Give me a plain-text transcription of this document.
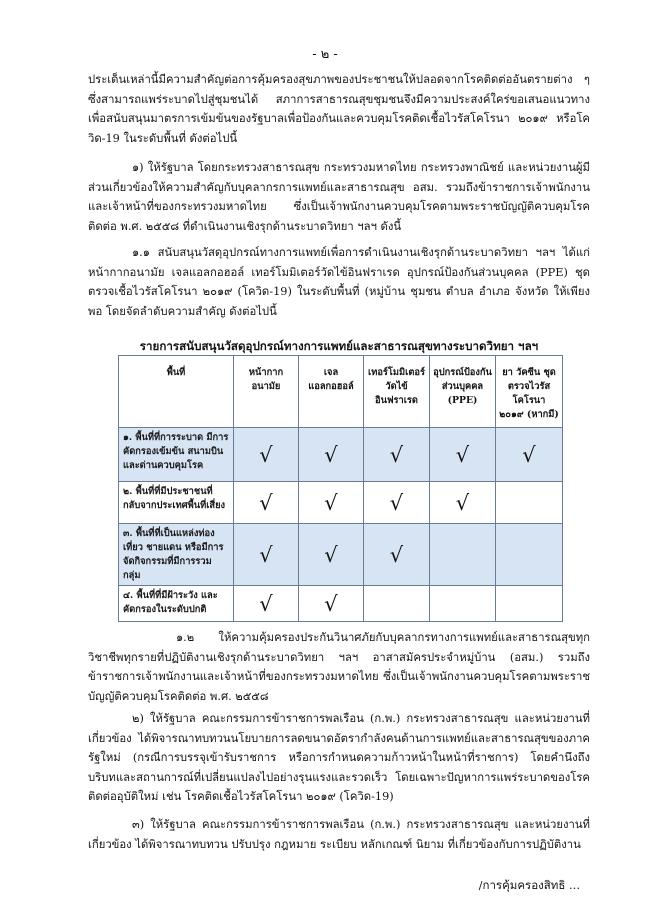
- ๒ -

ประเด็นเหล่านี้มีความสำคัญต่อการคุ้มครองสุขภาพของประชาชนให้ปลอดจากโรคติดต่ออันตรายต่าง ๆ ซึ่งสามารถแพร่ระบาดไปสู่ชุมชนได้ สภาการสาธารณสุขชุมชนจึงมีความประสงค์ใคร่ขอเสนอแนวทางเพื่อสนับสนุนมาตรการเข้มข้นของรัฐบาลเพื่อป้องกันและควบคุมโรคติดเชื้อไวรัสโคโรนา ๒๐๑๙ หรือโควิด-19 ในระดับพื้นที่ ดังต่อไปนี้

๑) ให้รัฐบาล โดยกระทรวงสาธารณสุข กระทรวงมหาดไทย กระทรวงพาณิชย์ และหน่วยงานผู้มีส่วนเกี่ยวข้องให้ความสำคัญกับบุคลากรการแพทย์และสาธารณสุข อสม. รวมถึงข้าราชการเจ้าพนักงานและเจ้าหน้าที่ของกระทรวงมหาดไทย ซึ่งเป็นเจ้าพนักงานควบคุมโรคตามพระราชบัญญัติควบคุมโรคติดต่อ พ.ศ. ๒๕๕๘ ที่ดำเนินงานเชิงรุกด้านระบาดวิทยา ฯลฯ ดังนี้

๑.๑ สนับสนุนวัสดุอุปกรณ์ทางการแพทย์เพื่อการดำเนินงานเชิงรุกด้านระบาดวิทยา ฯลฯ ได้แก่ หน้ากากอนามัย เจลแอลกอฮอล์ เทอร์โมมิเตอร์วัดไข้อินฟราเรด อุปกรณ์ป้องกันส่วนบุคคล (PPE) ชุดตรวจเชื้อไวรัสโคโรนา ๒๐๑๙ (โควิด-19) ในระดับพื้นที่ (หมู่บ้าน ชุมชน ตำบล อำเภอ จังหวัด ให้เพียงพอ โดยจัดลำดับความสำคัญ ดังต่อไปนี้

รายการสนับสนุนวัสดุอุปกรณ์ทางการแพทย์และสาธารณสุขทางระบาดวิทยา ฯลฯ
พื้นที่	หน้ากากอนามัย	เจลแอลกอฮอล์	เทอร์โมมิเตอร์วัดไข้อินฟราเรด	อุปกรณ์ป้องกันส่วนบุคคล (PPE)	ยา วัคซีน ชุดตรวจไวรัสโคโรนา ๒๐๑๙ (หากมี)
๑. พื้นที่ที่การระบาด มีการคัดกรองเข้มข้น สนามบิน และด่านควบคุมโรค	√	√	√	√	√
๒. พื้นที่ที่มีประชาชนที่กลับจากประเทศพื้นที่เสี่ยง	√	√	√	√	
๓. พื้นที่ที่เป็นแหล่งท่องเที่ยว ชายแดน หรือมีการจัดกิจกรรมที่มีการรวมกลุ่ม	√	√	√		
๔. พื้นที่ที่มีฝ้าระวัง และคัดกรองในระดับปกติ	√	√			

๑.๒ ให้ความคุ้มครองประกันวินาศภัยกับบุคลากรทางการแพทย์และสาธารณสุขทุกวิชาชีพทุกรายที่ปฏิบัติงานเชิงรุกด้านระบาดวิทยา ฯลฯ อาสาสมัครประจำหมู่บ้าน (อสม.) รวมถึงข้าราชการเจ้าพนักงานและเจ้าหน้าที่ของกระทรวงมหาดไทย ซึ่งเป็นเจ้าพนักงานควบคุมโรคตามพระราชบัญญัติควบคุมโรคติดต่อ พ.ศ. ๒๕๕๘

๒) ให้รัฐบาล คณะกรรมการข้าราชการพลเรือน (ก.พ.) กระทรวงสาธารณสุข และหน่วยงานที่เกี่ยวข้อง ได้พิจารณาทบทวนนโยบายการลดขนาดอัตรากำลังคนด้านการแพทย์และสาธารณสุขของภาครัฐใหม่ (กรณีการบรรจุเข้ารับราชการ หรือการกำหนดความก้าวหน้าในหน้าที่ราชการ) โดยคำนึงถึงบริบทและสถานการณ์ที่เปลี่ยนแปลงไปอย่างรุนแรงและรวดเร็ว โดยเฉพาะปัญหาการแพร่ระบาดของโรคติดต่ออุบัติใหม่ เช่น โรคติดเชื้อไวรัสโคโรนา ๒๐๑๙ (โควิด-19)

๓) ให้รัฐบาล คณะกรรมการข้าราชการพลเรือน (ก.พ.) กระทรวงสาธารณสุข และหน่วยงานที่เกี่ยวข้อง ได้พิจารณาทบทวน ปรับปรุง กฎหมาย ระเบียบ หลักเกณฑ์ นิยาม ที่เกี่ยวข้องกับการปฏิบัติงาน

/การคุ้มครองสิทธิ ...
